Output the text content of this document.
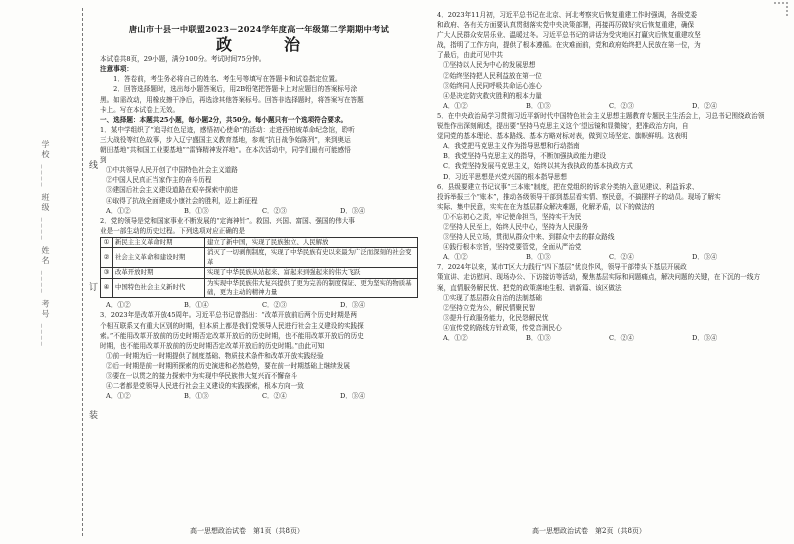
线
订
装
学校 ____ 班级 ____ 姓名 ____ 考号 ____
唐山市十县一中联盟2023－2024学年度高一年级第二学期期中考试
政　治
本试卷共8页，29小题，满分100分。考试时间75分钟。
注意事项：
　　1．答卷前，考生务必将自己的姓名、考生号等填写在答题卡和试卷指定位置。
　　2．回答选择题时，选出每小题答案后，用2B铅笔把答题卡上对应题目的答案标号涂
黑。如需改动，用橡皮擦干净后，再选涂其他答案标号。回答非选择题时，将答案写在答题
卡上。写在本试卷上无效。
一、选择题：本题共25小题，每小题2分，共50分。每小题只有一个选项符合要求。
1．某中学组织了“追寻红色足迹，感悟初心使命”的活动：走进西柏坡革命纪念馆，聆听
三大战役等红色故事，步入辽宁盛国主义教育基地，参观“抗日战争始陈列”，来到奥运
朝田基地“共和国工业要基地”“雷锋精神发祥地”。在本次活动中，同学们最有可能感悟
到
①中共领导人民开创了中国特色社会主义道路
②中国人民真正当家作主的奋斗历程
③建国后社会主义建设道路在艰辛探索中前进
④取得了抗战全面建成小康社会的胜利，迈上新征程
A．①②	B．①③	C．②③	D．③④
2．党的领导是党和国家事业不断发展的“定海神针”。救国、兴国、富国、强国的伟大事
业是一部生动的历史过程。下列选项对应正确的是
①	新民主主义革命时期	建立了新中国，实现了民族独立、人民解放
②	社会主义革命和建设时期	消灭了一切剥削制度，实现了中华民族有史以来最为广泛而深刻的社会变革
③	改革开放时期	实现了中华民族从站起来、富起来到强起来的伟大飞跃
④	中国特色社会主义新时代	为实现中华民族伟大复兴提供了更为完善的制度保证、更为坚实的物质基础，更为主动的精神力量
A．①②	B．①④	C．②③	D．③④
3．2023年是改革开放45周年。习近平总书记曾指出：“改革开放前后两个历史时期是两
个相互联系又有重大区别的时期，但本质上都是我们党领导人民进行社会主义建设的实践探
索。”不能用改革开放前的历史时期否定改革开放后的历史时期，也不能用改革开放后的历史
时期，也不能用改革开放前的历史时期否定改革开放后的历史时期。”由此可知
①前一时期为后一时期提供了制度基础、物质技术条件和改革开放实践经验
②后一时期是前一时期所探索的历史演进和必然趋势，要在前一时期基础上继续发展
③要在一以贯之的接力探索中为实现中华民族伟大复兴而不懈奋斗
④二者都是党领导人民进行社会主义建设的实践探索，根本方向一致
A．①②	B．①③	C．②④	D．③④
高一思想政治试卷　第1页（共8页）
4．2023年11月初，习近平总书记在北京、河北考察灾后恢复重建工作时强调，各级党委
和政府、各有关方面要认真贯彻落实党中央决策部署，再接再厉做好灾后恢复重建，确保
广大人民群众安居乐业、温暖过冬。习近平总书记的讲话为受灾地区打赢灾后恢复重建攻坚
战，指明了工作方向，提供了根本遵循。在灾难面前，党和政府始终把人民放在第一位，为
了最后，由此可见中共
①坚持以人民为中心的发展思想
②始终坚持把人民利益放在第一位
③始终同人民同呼吸共命运心连心
④是决定防灾救灾胜利的根本力量
A．①②	B．①③	C．②③	D．②④
5．在中央政治局学习贯彻习近平新时代中国特色社会主义思想主题教育专题民主生活会上，习总书记围绕政治领
锐性作出深刻阐述，提出要“坚持马克思主义这个‘望远镜和显微镜’，把准政治方向，自
觉同党的基本理论、基本路线、基本方略对标对表，做到立场坚定、旗帜鲜明。这表明
A．我党把马克思主义作为指导思想和行动指南
B．我党坚持马克思主义的指导，不断加强执政能力建设
C．我党坚持发展马克思主义，始终以其为我执政的基本执政方式
D．习近平思想是兴党兴国的根本指导思想
6．县级要建立书记议事“三本账”制度，把在党组织的诉求分类纳入意见建议、利益诉求、
投诉举报三个“账本”，推动各级领导干部到基层看实情、察民意，不搞摆样子的动员。现场了解实
实际、集中民意，实实在在为基层群众解决难题，化解矛盾，以下的做法的
①不忘初心之责，牢记使命担当，坚持实干为民
②坚持人民至上，始终人民中心，坚持为人民服务
③坚持人民立场，贯彻从群众中来、到群众中去的群众路线
④践行根本宗旨，坚持党要管党，全面从严治党
A．①②	B．①③	C．②④	D．③④
7．2024年以来，某市T区大力践行“四下基层”优良作风，领导干部带头下基层开展政
策宣讲、走访慰问、现场办公、下访接访等活动，聚焦基层实际和问题痛点，解决问题的关键，在下沉的一线方
案，直情服务解民忧、把党的政策落地生根、谱新篇、该区做法
①实现了基层群众自治的法制基础
②坚持立党为公，解民情聚民智
③提升行政服务能力，化民怨解民忧
④宣传党的路线方针政策，传党音润民心
A．①②	B．①③	C．②④	D．③④
高一思想政治试卷　第2页（共8页）
